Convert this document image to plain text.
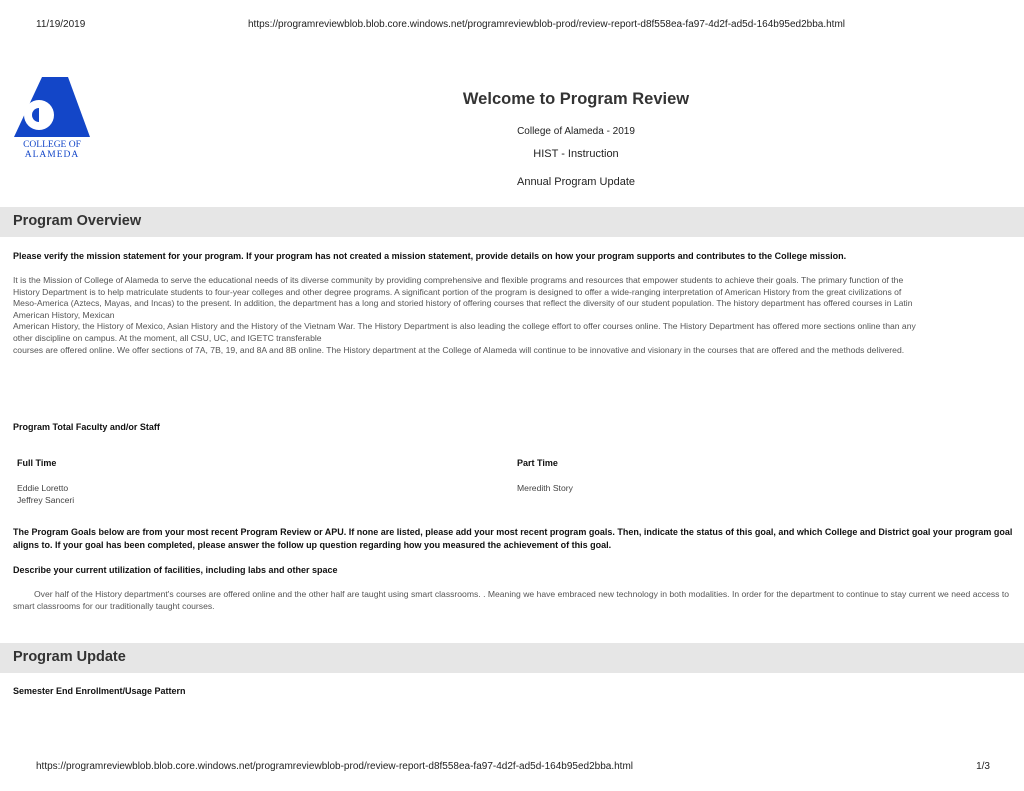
11/19/2019	https://programreviewblob.blob.core.windows.net/programreviewblob-prod/review-report-d8f558ea-fa97-4d2f-ad5d-164b95ed2bba.html
COLLEGE OF
ALAMEDA
Welcome to Program Review
College of Alameda - 2019
HIST - Instruction
Annual Program Update
Program Overview
Please verify the mission statement for your program. If your program has not created a mission statement, provide details on how your program supports and contributes to the College mission.
It is the Mission of College of Alameda to serve the educational needs of its diverse community by providing comprehensive and flexible programs and resources that empower students to achieve their goals. The primary function of the
History Department is to help matriculate students to four-year colleges and other degree programs. A significant portion of the program is designed to offer a wide-ranging interpretation of American History from the great civilizations of
Meso-America (Aztecs, Mayas, and Incas) to the present. In addition, the department has a long and storied history of offering courses that reflect the diversity of our student population. The history department has offered courses in Latin
American History, Mexican
American History, the History of Mexico, Asian History and the History of the Vietnam War. The History Department is also leading the college effort to offer courses online. The History Department has offered more sections online than any
other discipline on campus. At the moment, all CSU, UC, and IGETC transferable
courses are offered online. We offer sections of 7A, 7B, 19, and 8A and 8B online. The History department at the College of Alameda will continue to be innovative and visionary in the courses that are offered and the methods delivered.
Program Total Faculty and/or Staff
Full Time
Eddie Loretto
Jeffrey Sanceri
Part Time
Meredith Story
The Program Goals below are from your most recent Program Review or APU. If none are listed, please add your most recent program goals. Then, indicate the status of this goal, and which College and District goal your program goal aligns to. If your goal has been completed, please answer the follow up question regarding how you measured the achievement of this goal.
Describe your current utilization of facilities, including labs and other space
Over half of the History department's courses are offered online and the other half are taught using smart classrooms. . Meaning we have embraced new technology in both modalities. In order for the department to continue to stay current we need access to smart classrooms for our traditionally taught courses.
Program Update
Semester End Enrollment/Usage Pattern
https://programreviewblob.blob.core.windows.net/programreviewblob-prod/review-report-d8f558ea-fa97-4d2f-ad5d-164b95ed2bba.html	1/3
